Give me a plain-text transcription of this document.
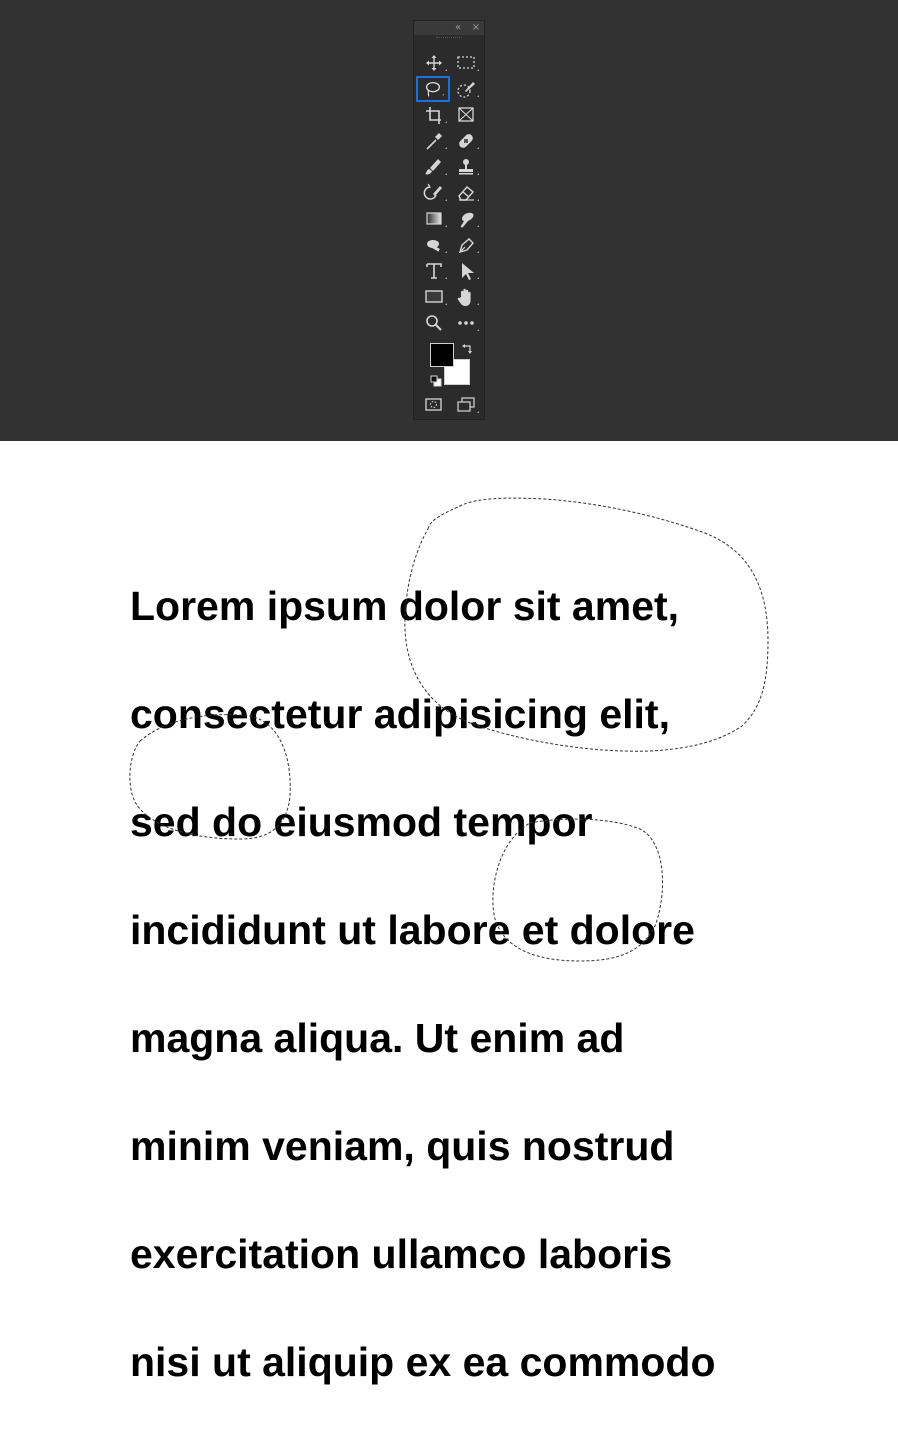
« ×

Lorem ipsum dolor sit amet,

consectetur adipisicing elit,

sed do eiusmod tempor

incididunt ut labore et dolore

magna aliqua. Ut enim ad

minim veniam, quis nostrud

exercitation ullamco laboris

nisi ut aliquip ex ea commodo
